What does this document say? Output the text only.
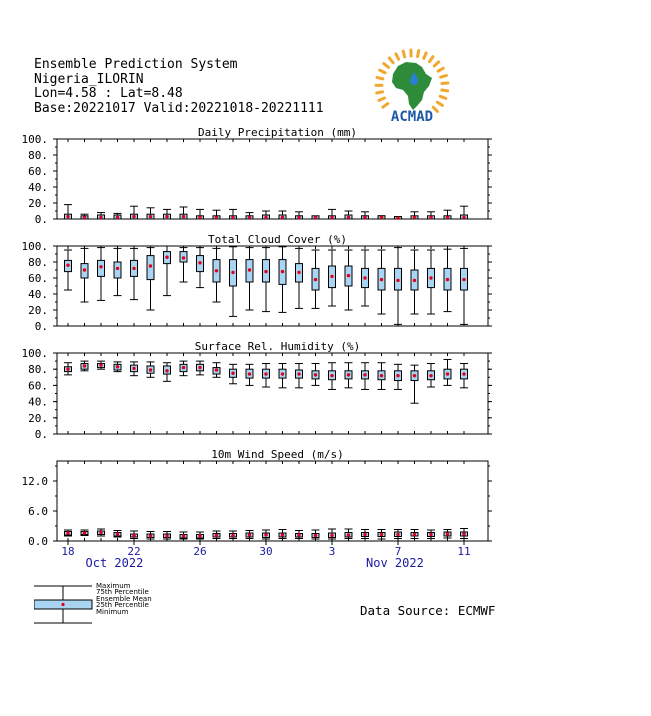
Ensemble Prediction System
Nigeria_ILORIN
Lon=4.58 : Lat=8.48
Base:20221017 Valid:20221018-20221111
ACMAD
Daily Precipitation (mm)
0.
20.
40.
60.
80.
100.
Total Cloud Cover (%)
0.
20.
40.
60.
80.
100.
Surface Rel. Humidity (%)
0.
20.
40.
60.
80.
100.
10m Wind Speed (m/s)
0.0
6.0
12.0
18	22	26	30	3	7	11
Oct 2022	Nov 2022
Maximum
75th Percentile
Ensemble Mean
25th Percentile
Minimum	Data Source: ECMWF
